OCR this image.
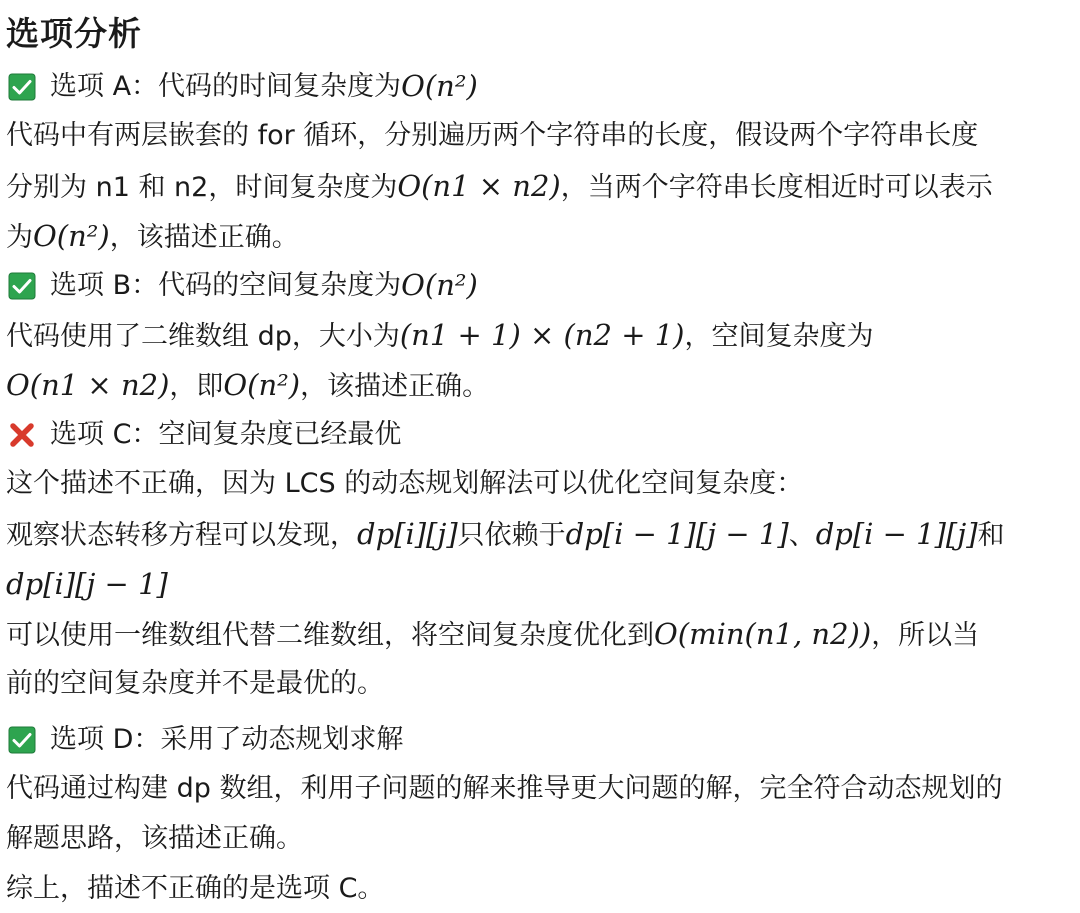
选项分析
选项 A：代码的时间复杂度为 O(n²)
代码中有两层嵌套的 for 循环，分别遍历两个字符串的长度，假设两个字符串长度
分别为 n1 和 n2，时间复杂度为O(n1 × n2)，当两个字符串长度相近时可以表示
为O(n²)，该描述正确。
选项 B：代码的空间复杂度为 O(n²)
代码使用了二维数组 dp，大小为(n1 + 1) × (n2 + 1)，空间复杂度为
O(n1 × n2)，即O(n²)，该描述正确。
选项 C：空间复杂度已经最优
这个描述不正确，因为 LCS 的动态规划解法可以优化空间复杂度：
观察状态转移方程可以发现，dp[i][j]只依赖于dp[i − 1][j − 1]、dp[i − 1][j]和
dp[i][j − 1]
可以使用一维数组代替二维数组，将空间复杂度优化到O(min(n1, n2))，所以当
前的空间复杂度并不是最优的。
选项 D：采用了动态规划求解
代码通过构建 dp 数组，利用子问题的解来推导更大问题的解，完全符合动态规划的
解题思路，该描述正确。
综上，描述不正确的是选项 C。
